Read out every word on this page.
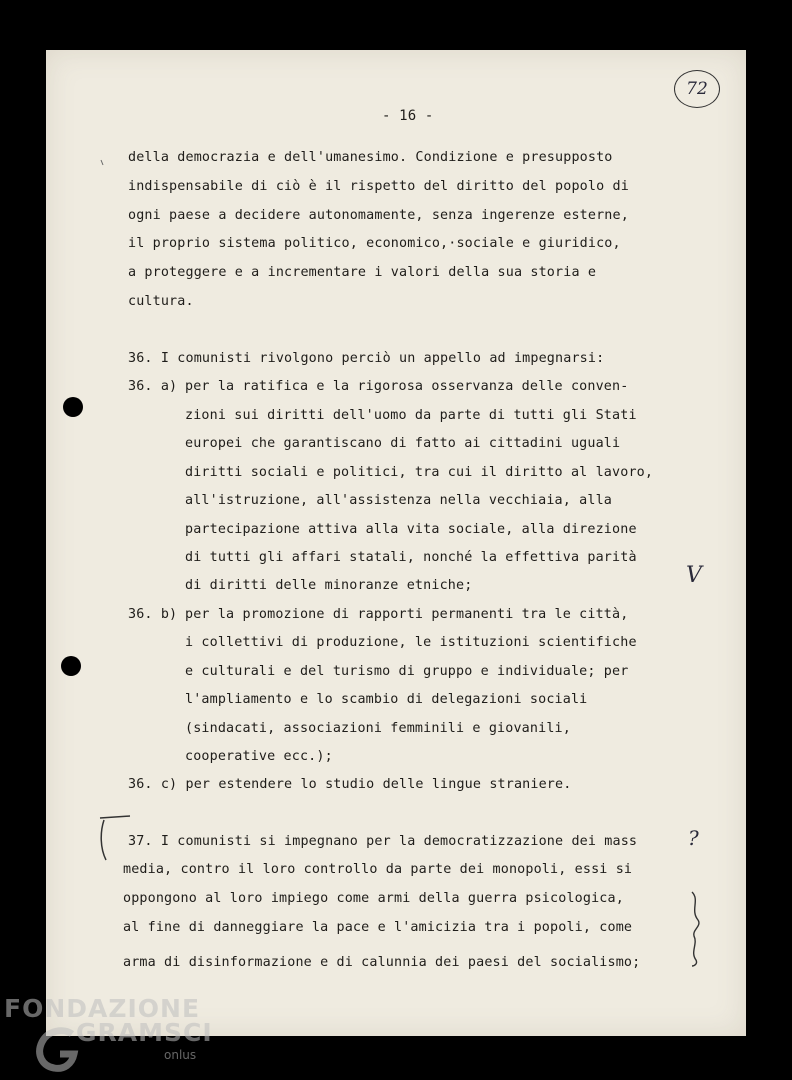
72
- 16 -
della democrazia e dell'umanesimo. Condizione e presupposto
indispensabile di ciò è il rispetto del diritto del popolo di
ogni paese a decidere autonomamente, senza ingerenze esterne,
il proprio sistema politico, economico,·sociale e giuridico,
a proteggere e a incrementare i valori della sua storia e
cultura.
36. I comunisti rivolgono perciò un appello ad impegnarsi:
36. a) per la ratifica e la rigorosa osservanza delle conven-
zioni sui diritti dell'uomo da parte di tutti gli Stati
europei che garantiscano di fatto ai cittadini uguali
diritti sociali e politici, tra cui il diritto al lavoro,
all'istruzione, all'assistenza nella vecchiaia, alla
partecipazione attiva alla vita sociale, alla direzione
di tutti gli affari statali, nonché la effettiva parità
di diritti delle minoranze etniche;
36. b) per la promozione di rapporti permanenti tra le città,
i collettivi di produzione, le istituzioni scientifiche
e culturali e del turismo di gruppo e individuale; per
l'ampliamento e lo scambio di delegazioni sociali
(sindacati, associazioni femminili e giovanili,
cooperative ecc.);
36. c) per estendere lo studio delle lingue straniere.
37. I comunisti si impegnano per la democratizzazione dei mass
media, contro il loro controllo da parte dei monopoli, essi si
oppongono al loro impiego come armi della guerra psicologica,
al fine di danneggiare la pace e l'amicizia tra i popoli, come
arma di disinformazione e di calunnia dei paesi del socialismo;
V
?
FONDAZIONE
GRAMSCI
onlus
